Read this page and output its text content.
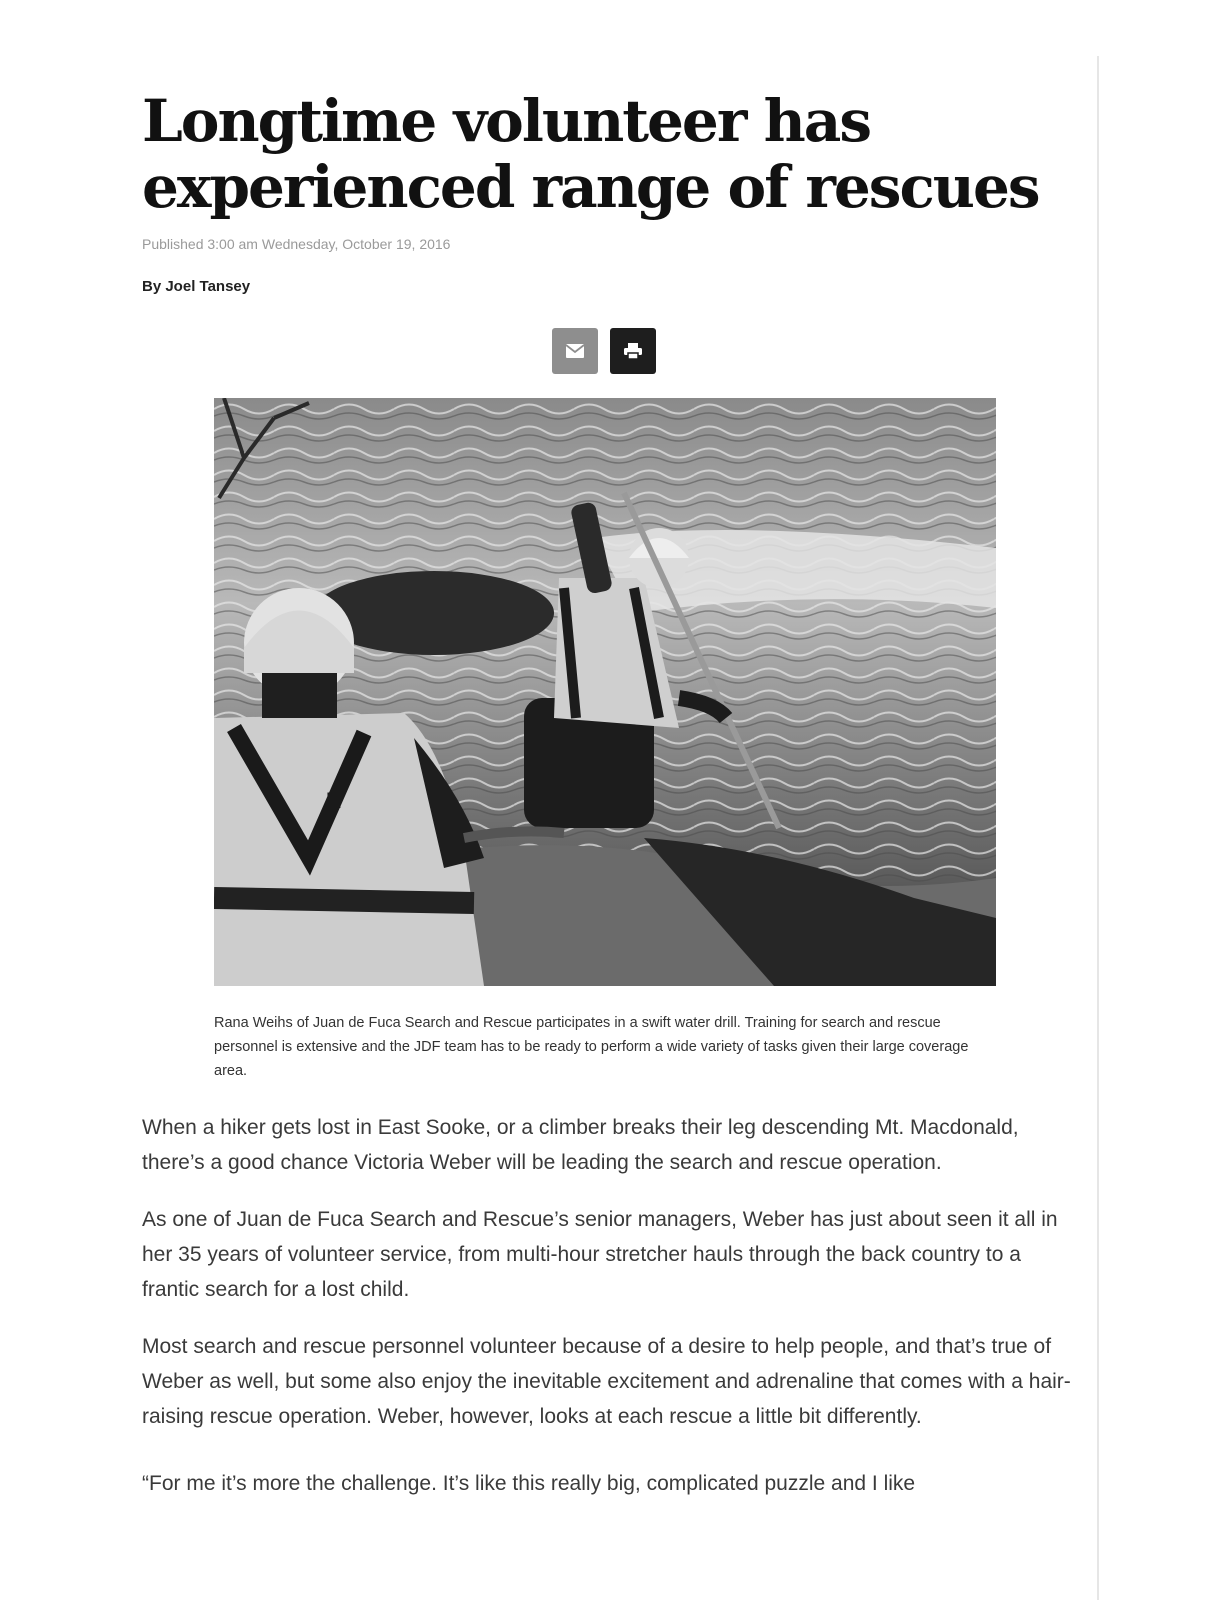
Longtime volunteer has experienced range of rescues
Published 3:00 am Wednesday, October 19, 2016
By Joel Tansey
H
Rana Weihs of Juan de Fuca Search and Rescue participates in a swift water drill. Training for search and rescue personnel is extensive and the JDF team has to be ready to perform a wide variety of tasks given their large coverage area.

When a hiker gets lost in East Sooke, or a climber breaks their leg descending Mt. Macdonald, there’s a good chance Victoria Weber will be leading the search and rescue operation.

As one of Juan de Fuca Search and Rescue’s senior managers, Weber has just about seen it all in her 35 years of volunteer service, from multi-hour stretcher hauls through the back country to a frantic search for a lost child.

Most search and rescue personnel volunteer because of a desire to help people, and that’s true of Weber as well, but some also enjoy the inevitable excitement and adrenaline that comes with a hair-raising rescue operation. Weber, however, looks at each rescue a little bit differently.

“For me it’s more the challenge. It’s like this really big, complicated puzzle and I like
